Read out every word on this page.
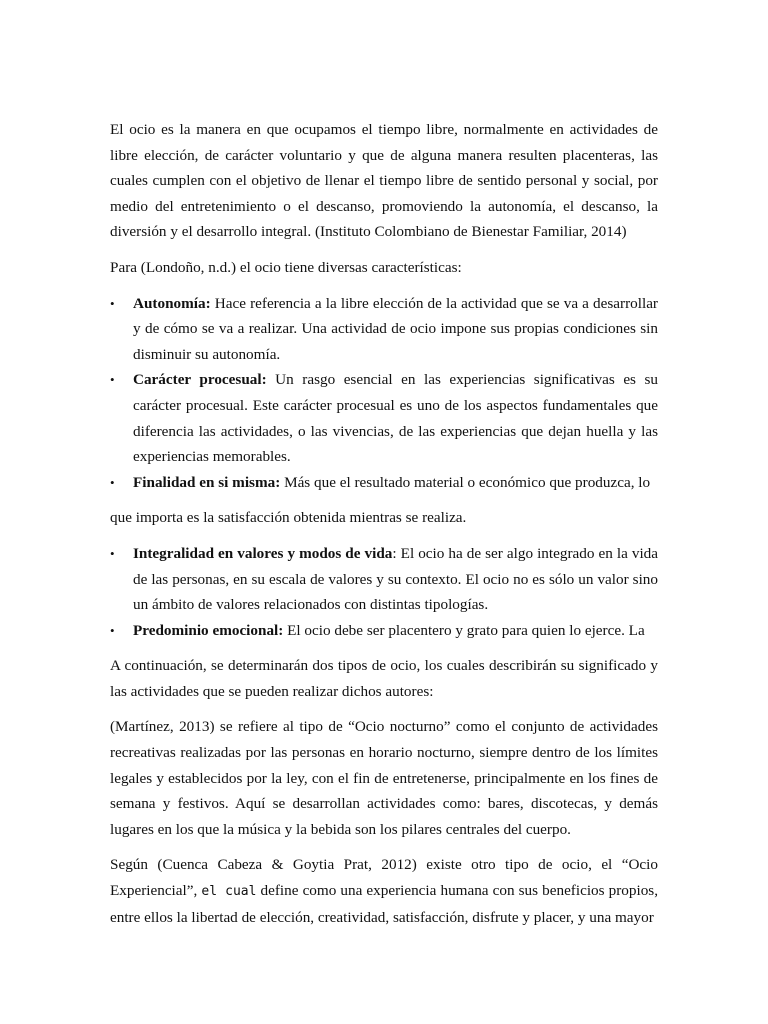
El ocio es la manera en que ocupamos el tiempo libre, normalmente en actividades de libre elección, de carácter voluntario y que de alguna manera resulten placenteras, las cuales cumplen con el objetivo de llenar el tiempo libre de sentido personal y social, por medio del entretenimiento o el descanso, promoviendo la autonomía, el descanso, la diversión y el desarrollo integral. (Instituto Colombiano de Bienestar Familiar, 2014)

Para (Londoño, n.d.) el ocio tiene diversas características:

• Autonomía: Hace referencia a la libre elección de la actividad que se va a desarrollar y de cómo se va a realizar. Una actividad de ocio impone sus propias condiciones sin disminuir su autonomía.
• Carácter procesual: Un rasgo esencial en las experiencias significativas es su carácter procesual. Este carácter procesual es uno de los aspectos fundamentales que diferencia las actividades, o las vivencias, de las experiencias que dejan huella y las experiencias memorables.
• Finalidad en si misma: Más que el resultado material o económico que produzca, lo

que importa es la satisfacción obtenida mientras se realiza.

• Integralidad en valores y modos de vida: El ocio ha de ser algo integrado en la vida de las personas, en su escala de valores y su contexto. El ocio no es sólo un valor sino un ámbito de valores relacionados con distintas tipologías.
• Predominio emocional: El ocio debe ser placentero y grato para quien lo ejerce. La

A continuación, se determinarán dos tipos de ocio, los cuales describirán su significado y las actividades que se pueden realizar dichos autores:

(Martínez, 2013) se refiere al tipo de “Ocio nocturno” como el conjunto de actividades recreativas realizadas por las personas en horario nocturno, siempre dentro de los límites legales y establecidos por la ley, con el fin de entretenerse, principalmente en los fines de semana y festivos. Aquí se desarrollan actividades como: bares, discotecas, y demás lugares en los que la música y la bebida son los pilares centrales del cuerpo.

Según (Cuenca Cabeza & Goytia Prat, 2012) existe otro tipo de ocio, el “Ocio Experiencial”, el cual define como una experiencia humana con sus beneficios propios, entre ellos la libertad de elección, creatividad, satisfacción, disfrute y placer, y una mayor
